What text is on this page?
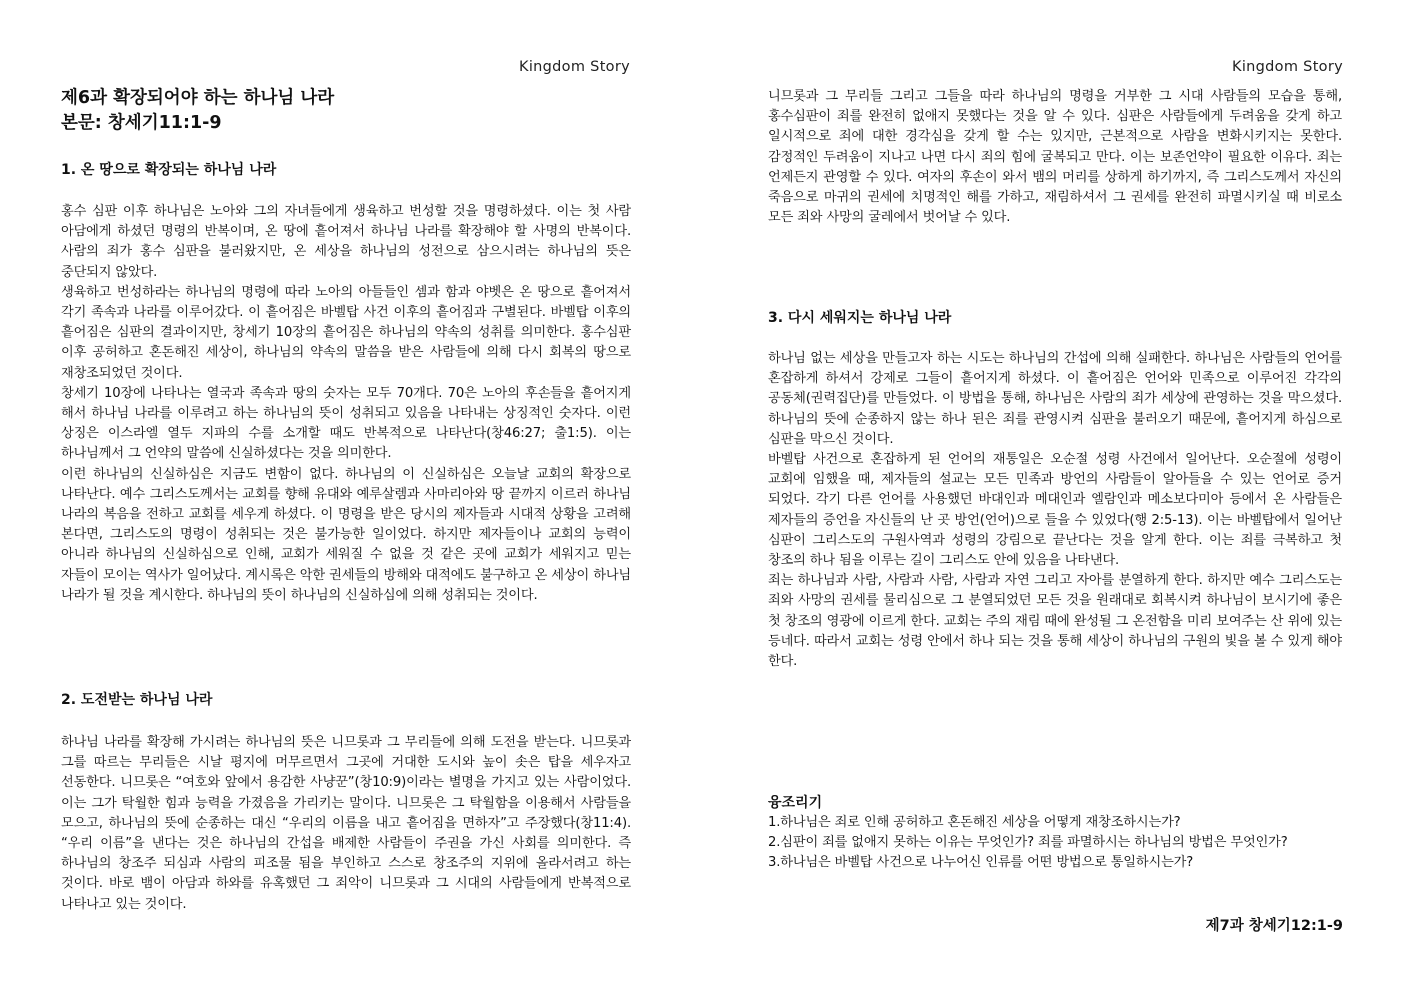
Kingdom Story
제6과 확장되어야 하는 하나님 나라
본문: 창세기11:1-9
1. 온 땅으로 확장되는 하나님 나라

홍수 심판 이후 하나님은 노아와 그의 자녀들에게 생육하고 번성할 것을 명령하셨다. 이는 첫 사람 아담에게 하셨던 명령의 반복이며, 온 땅에 흩어져서 하나님 나라를 확장해야 할 사명의 반복이다. 사람의 죄가 홍수 심판을 불러왔지만, 온 세상을 하나님의 성전으로 삼으시려는 하나님의 뜻은 중단되지 않았다.

생육하고 번성하라는 하나님의 명령에 따라 노아의 아들들인 셈과 함과 야벳은 온 땅으로 흩어져서 각기 족속과 나라를 이루어갔다. 이 흩어짐은 바벨탑 사건 이후의 흩어짐과 구별된다. 바벨탑 이후의 흩어짐은 심판의 결과이지만, 창세기 10장의 흩어짐은 하나님의 약속의 성취를 의미한다. 홍수심판 이후 공허하고 혼돈해진 세상이, 하나님의 약속의 말씀을 받은 사람들에 의해 다시 회복의 땅으로 재창조되었던 것이다.

창세기 10장에 나타나는 열국과 족속과 땅의 숫자는 모두 70개다. 70은 노아의 후손들을 흩어지게 해서 하나님 나라를 이루려고 하는 하나님의 뜻이 성취되고 있음을 나타내는 상징적인 숫자다. 이런 상징은 이스라엘 열두 지파의 수를 소개할 때도 반복적으로 나타난다(창46:27; 출1:5). 이는 하나님께서 그 언약의 말씀에 신실하셨다는 것을 의미한다.

이런 하나님의 신실하심은 지금도 변함이 없다. 하나님의 이 신실하심은 오늘날 교회의 확장으로 나타난다. 예수 그리스도께서는 교회를 향해 유대와 예루살렘과 사마리아와 땅 끝까지 이르러 하나님 나라의 복음을 전하고 교회를 세우게 하셨다. 이 명령을 받은 당시의 제자들과 시대적 상황을 고려해 본다면, 그리스도의 명령이 성취되는 것은 불가능한 일이었다. 하지만 제자들이나 교회의 능력이 아니라 하나님의 신실하심으로 인해, 교회가 세워질 수 없을 것 같은 곳에 교회가 세워지고 믿는 자들이 모이는 역사가 일어났다. 계시록은 악한 권세들의 방해와 대적에도 불구하고 온 세상이 하나님 나라가 될 것을 계시한다. 하나님의 뜻이 하나님의 신실하심에 의해 성취되는 것이다.

2. 도전받는 하나님 나라

하나님 나라를 확장해 가시려는 하나님의 뜻은 니므롯과 그 무리들에 의해 도전을 받는다. 니므롯과 그를 따르는 무리들은 시날 평지에 머무르면서 그곳에 거대한 도시와 높이 솟은 탑을 세우자고 선동한다. 니므롯은 “여호와 앞에서 용감한 사냥꾼”(창10:9)이라는 별명을 가지고 있는 사람이었다. 이는 그가 탁월한 힘과 능력을 가졌음을 가리키는 말이다. 니므롯은 그 탁월함을 이용해서 사람들을 모으고, 하나님의 뜻에 순종하는 대신 “우리의 이름을 내고 흩어짐을 면하자”고 주장했다(창11:4). “우리 이름”을 낸다는 것은 하나님의 간섭을 배제한 사람들이 주권을 가신 사회를 의미한다. 즉 하나님의 창조주 되심과 사람의 피조물 됨을 부인하고 스스로 창조주의 지위에 올라서려고 하는 것이다. 바로 뱀이 아담과 하와를 유혹했던 그 죄악이 니므롯과 그 시대의 사람들에게 반복적으로 나타나고 있는 것이다.

Kingdom Story

니므롯과 그 무리들 그리고 그들을 따라 하나님의 명령을 거부한 그 시대 사람들의 모습을 통해, 홍수심판이 죄를 완전히 없애지 못했다는 것을 알 수 있다. 심판은 사람들에게 두려움을 갖게 하고 일시적으로 죄에 대한 경각심을 갖게 할 수는 있지만, 근본적으로 사람을 변화시키지는 못한다. 감정적인 두려움이 지나고 나면 다시 죄의 힘에 굴복되고 만다. 이는 보존언약이 필요한 이유다. 죄는 언제든지 관영할 수 있다. 여자의 후손이 와서 뱀의 머리를 상하게 하기까지, 즉 그리스도께서 자신의 죽음으로 마귀의 권세에 치명적인 해를 가하고, 재림하셔서 그 권세를 완전히 파멸시키실 때 비로소 모든 죄와 사망의 굴레에서 벗어날 수 있다.

3. 다시 세워지는 하나님 나라

하나님 없는 세상을 만들고자 하는 시도는 하나님의 간섭에 의해 실패한다. 하나님은 사람들의 언어를 혼잡하게 하셔서 강제로 그들이 흩어지게 하셨다. 이 흩어짐은 언어와 민족으로 이루어진 각각의 공동체(권력집단)를 만들었다. 이 방법을 통해, 하나님은 사람의 죄가 세상에 관영하는 것을 막으셨다. 하나님의 뜻에 순종하지 않는 하나 된은 죄를 관영시켜 심판을 불러오기 때문에, 흩어지게 하심으로 심판을 막으신 것이다.

바벨탑 사건으로 혼잡하게 된 언어의 재통일은 오순절 성령 사건에서 일어난다. 오순절에 성령이 교회에 임했을 때, 제자들의 설교는 모든 민족과 방언의 사람들이 알아들을 수 있는 언어로 증거 되었다. 각기 다른 언어를 사용했던 바대인과 메대인과 엘람인과 메소보다미아 등에서 온 사람들은 제자들의 증언을 자신들의 난 곳 방언(언어)으로 들을 수 있었다(행 2:5-13). 이는 바벨탑에서 일어난 심판이 그리스도의 구원사역과 성령의 강림으로 끝난다는 것을 알게 한다. 이는 죄를 극복하고 첫 창조의 하나 됨을 이루는 길이 그리스도 안에 있음을 나타낸다.

죄는 하나님과 사람, 사람과 사람, 사람과 자연 그리고 자아를 분열하게 한다. 하지만 예수 그리스도는 죄와 사망의 권세를 물리심으로 그 분열되었던 모든 것을 원래대로 회복시켜 하나님이 보시기에 좋은 첫 창조의 영광에 이르게 한다. 교회는 주의 재림 때에 완성될 그 온전함을 미리 보여주는 산 위에 있는 등네다. 따라서 교회는 성령 안에서 하나 되는 것을 통해 세상이 하나님의 구원의 빛을 볼 수 있게 해야 한다.

융조리기
1.하나님은 죄로 인해 공허하고 혼돈해진 세상을 어떻게 재창조하시는가?
2.심판이 죄를 없애지 못하는 이유는 무엇인가? 죄를 파멸하시는 하나님의 방법은 무엇인가?
3.하나님은 바벨탑 사건으로 나누어신 인류를 어떤 방법으로 통일하시는가?
제7과 창세기12:1-9
